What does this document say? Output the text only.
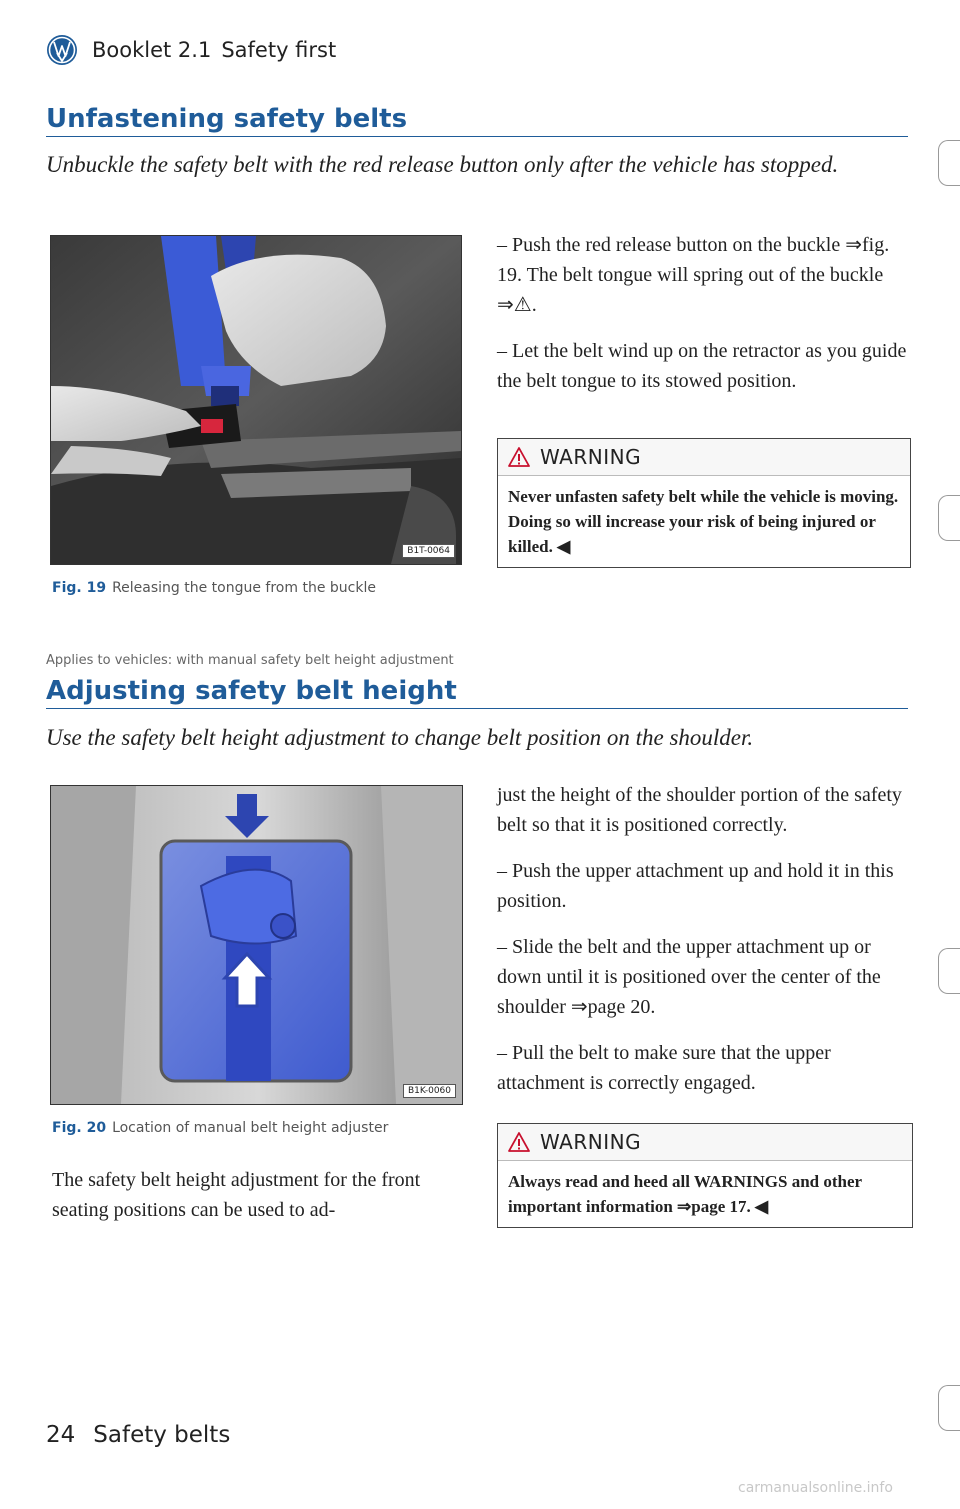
Booklet 2.1 Safety first
Unfastening safety belts
Unbuckle the safety belt with the red release button only after the vehicle has stopped.
B1T-0064
Fig. 19 Releasing the tongue from the buckle

– Push the red release button on the buckle ⇒fig. 19. The belt tongue will spring out of the buckle ⇒⚠.

– Let the belt wind up on the retractor as you guide the belt tongue to its stowed position.

WARNING
Never unfasten safety belt while the vehicle is moving. Doing so will increase your risk of being injured or killed. ◀
Applies to vehicles: with manual safety belt height adjustment
Adjusting safety belt height
Use the safety belt height adjustment to change belt position on the shoulder.
B1K-0060
Fig. 20 Location of manual belt height adjuster
The safety belt height adjustment for the front seating positions can be used to ad-

just the height of the shoulder portion of the safety belt so that it is positioned correctly.

– Push the upper attachment up and hold it in this position.

– Slide the belt and the upper attachment up or down until it is positioned over the center of the shoulder ⇒page 20.

– Pull the belt to make sure that the upper attachment is correctly engaged.

WARNING
Always read and heed all WARNINGS and other important information ⇒page 17. ◀
24 Safety belts
carmanualsonline.info
